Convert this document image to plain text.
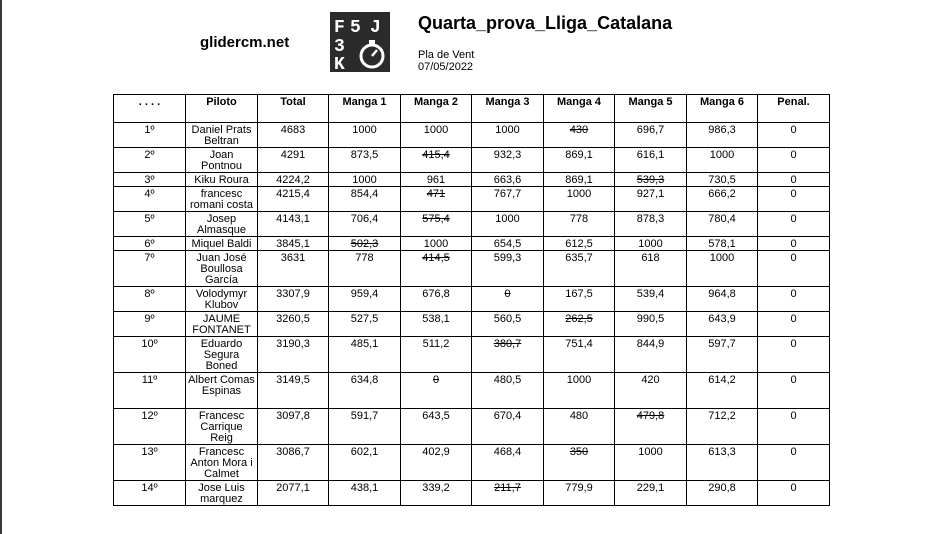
glidercm.net
F 5 J
3
K
Quarta_prova_Lliga_Catalana
Pla de Vent
07/05/2022
. . . .	Piloto	Total	Manga 1	Manga 2	Manga 3	Manga 4	Manga 5	Manga 6	Penal.
1º	Daniel Prats Beltran	4683	1000	1000	1000	430	696,7	986,3	0
2º	Joan Pontnou	4291	873,5	415,4	932,3	869,1	616,1	1000	0
3º	Kiku Roura	4224,2	1000	961	663,6	869,1	539,3	730,5	0
4º	francesc romani costa	4215,4	854,4	471	767,7	1000	927,1	666,2	0
5º	Josep Almasque	4143,1	706,4	575,4	1000	778	878,3	780,4	0
6º	Miquel Baldi	3845,1	502,3	1000	654,5	612,5	1000	578,1	0
7º	Juan José Boullosa García	3631	778	414,5	599,3	635,7	618	1000	0
8º	Volodymyr Klubov	3307,9	959,4	676,8	0	167,5	539,4	964,8	0
9º	JAUME FONTANET	3260,5	527,5	538,1	560,5	262,5	990,5	643,9	0
10º	Eduardo Segura Boned	3190,3	485,1	511,2	380,7	751,4	844,9	597,7	0
11º	Albert Comas Espinas	3149,5	634,8	0	480,5	1000	420	614,2	0
12º	Francesc Carrique Reig	3097,8	591,7	643,5	670,4	480	479,8	712,2	0
13º	Francesc Anton Mora i Calmet	3086,7	602,1	402,9	468,4	350	1000	613,3	0
14º	Jose Luis marquez	2077,1	438,1	339,2	211,7	779,9	229,1	290,8	0
